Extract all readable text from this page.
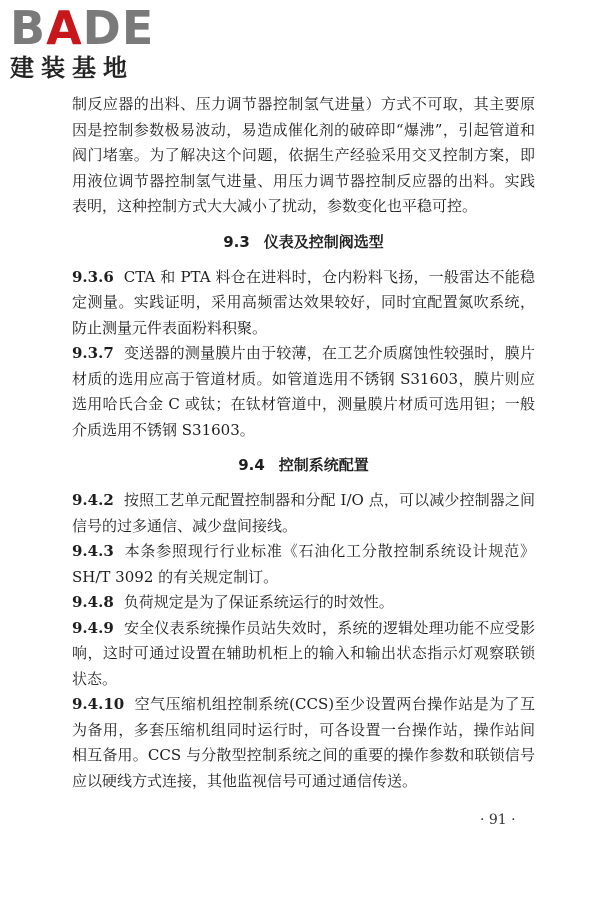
BADE
建装基地

制反应器的出料、压力调节器控制氢气进量）方式不可取，其主要原因是控制参数极易波动，易造成催化剂的破碎即“爆沸”，引起管道和阀门堵塞。为了解决这个问题，依据生产经验采用交叉控制方案，即用液位调节器控制氢气进量、用压力调节器控制反应器的出料。实践表明，这种控制方式大大减小了扰动，参数变化也平稳可控。

9.3 仪表及控制阀选型

9.3.6 CTA 和 PTA 料仓在进料时，仓内粉料飞扬，一般雷达不能稳定测量。实践证明，采用高频雷达效果较好，同时宜配置氮吹系统，防止测量元件表面粉料积聚。

9.3.7 变送器的测量膜片由于较薄，在工艺介质腐蚀性较强时，膜片材质的选用应高于管道材质。如管道选用不锈钢 S31603，膜片则应选用哈氏合金 C 或钛；在钛材管道中，测量膜片材质可选用钽；一般介质选用不锈钢 S31603。

9.4 控制系统配置

9.4.2 按照工艺单元配置控制器和分配 I/O 点，可以减少控制器之间信号的过多通信、减少盘间接线。

9.4.3 本条参照现行行业标准《石油化工分散控制系统设计规范》SH/T 3092 的有关规定制订。

9.4.8 负荷规定是为了保证系统运行的时效性。

9.4.9 安全仪表系统操作员站失效时，系统的逻辑处理功能不应受影响，这时可通过设置在辅助机柜上的输入和输出状态指示灯观察联锁状态。

9.4.10 空气压缩机组控制系统(CCS)至少设置两台操作站是为了互为备用，多套压缩机组同时运行时，可各设置一台操作站，操作站间相互备用。CCS 与分散型控制系统之间的重要的操作参数和联锁信号应以硬线方式连接，其他监视信号可通过通信传送。

· 91 ·
